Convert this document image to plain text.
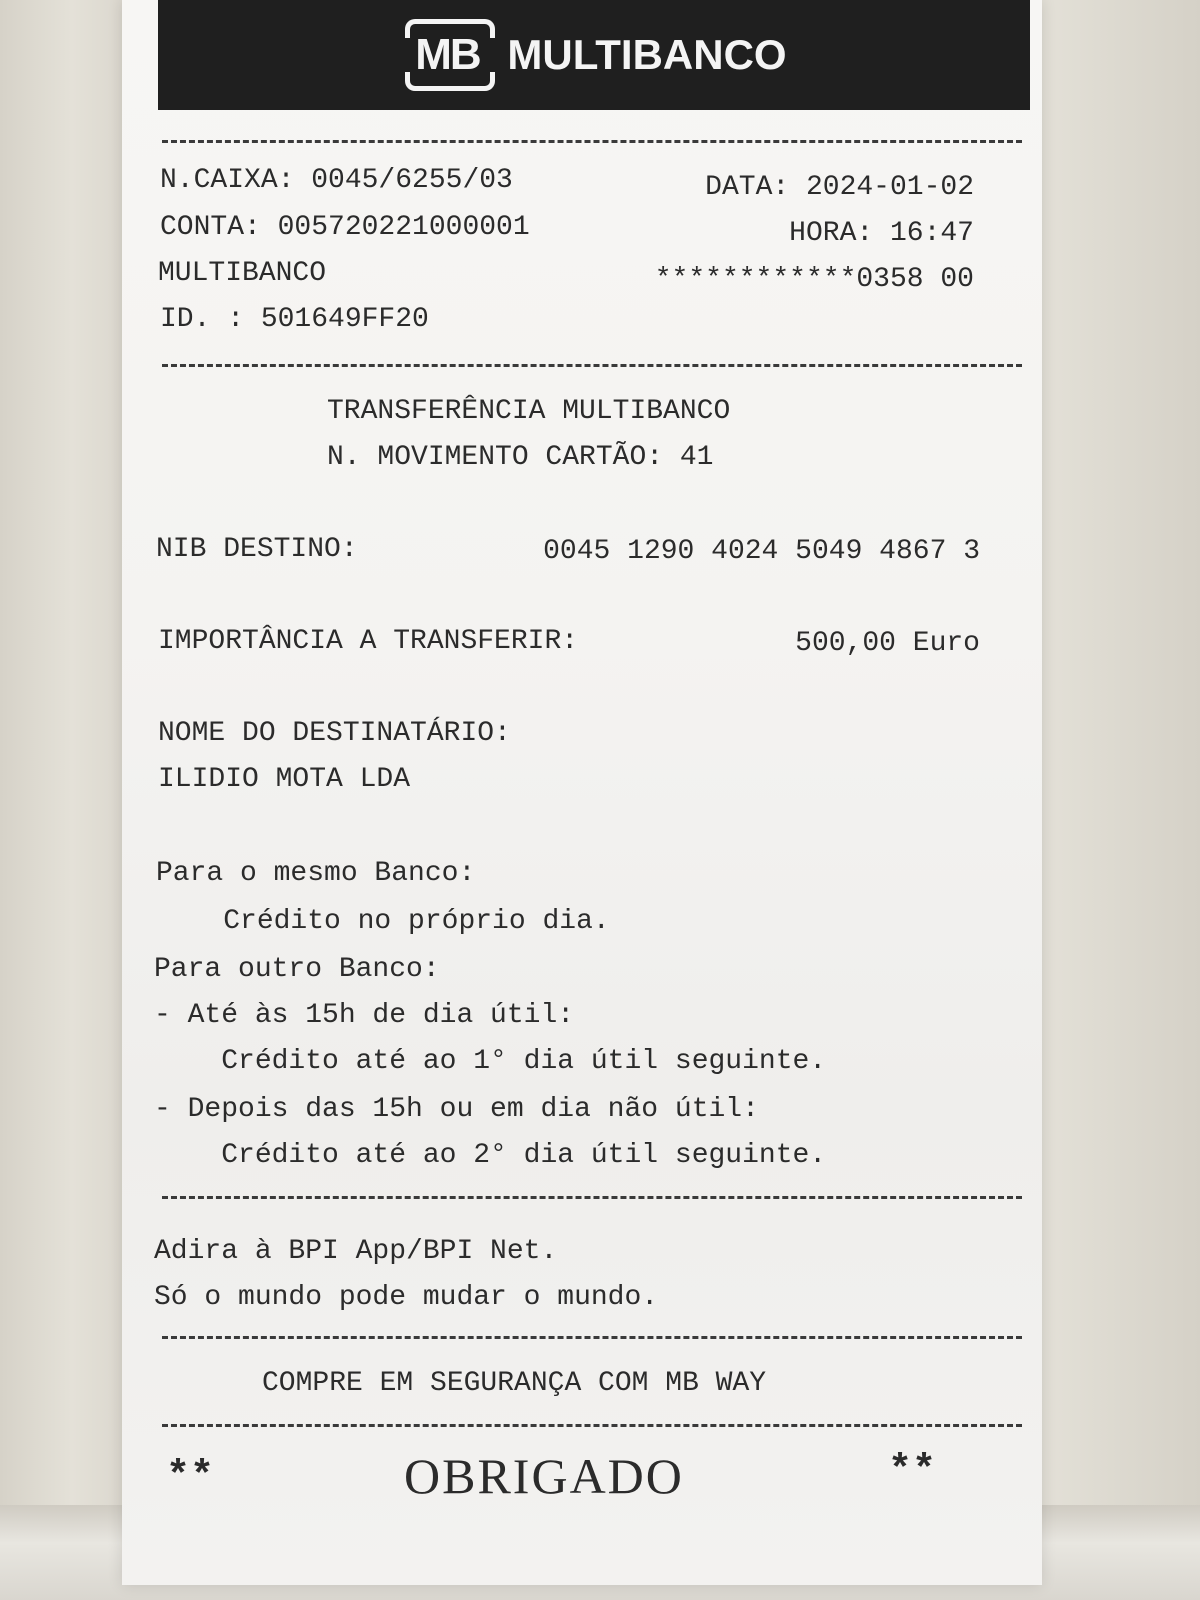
MB MULTIBANCO
N.CAIXA: 0045/6255/03	DATA: 2024-01-02
CONTA: 005720221000001	HORA: 16:47
MULTIBANCO	************0358 00
ID. : 501649FF20
TRANSFERÊNCIA MULTIBANCO
N. MOVIMENTO CARTÃO: 41
NIB DESTINO:	0045 1290 4024 5049 4867 3
IMPORTÂNCIA A TRANSFERIR:	500,00 Euro
NOME DO DESTINATÁRIO:
ILIDIO MOTA LDA
Para o mesmo Banco:
Crédito no próprio dia.
Para outro Banco:
- Até às 15h de dia útil:
Crédito até ao 1° dia útil seguinte.
- Depois das 15h ou em dia não útil:
Crédito até ao 2° dia útil seguinte.
Adira à BPI App/BPI Net.
Só o mundo pode mudar o mundo.
COMPRE EM SEGURANÇA COM MB WAY
**	OBRIGADO	**
